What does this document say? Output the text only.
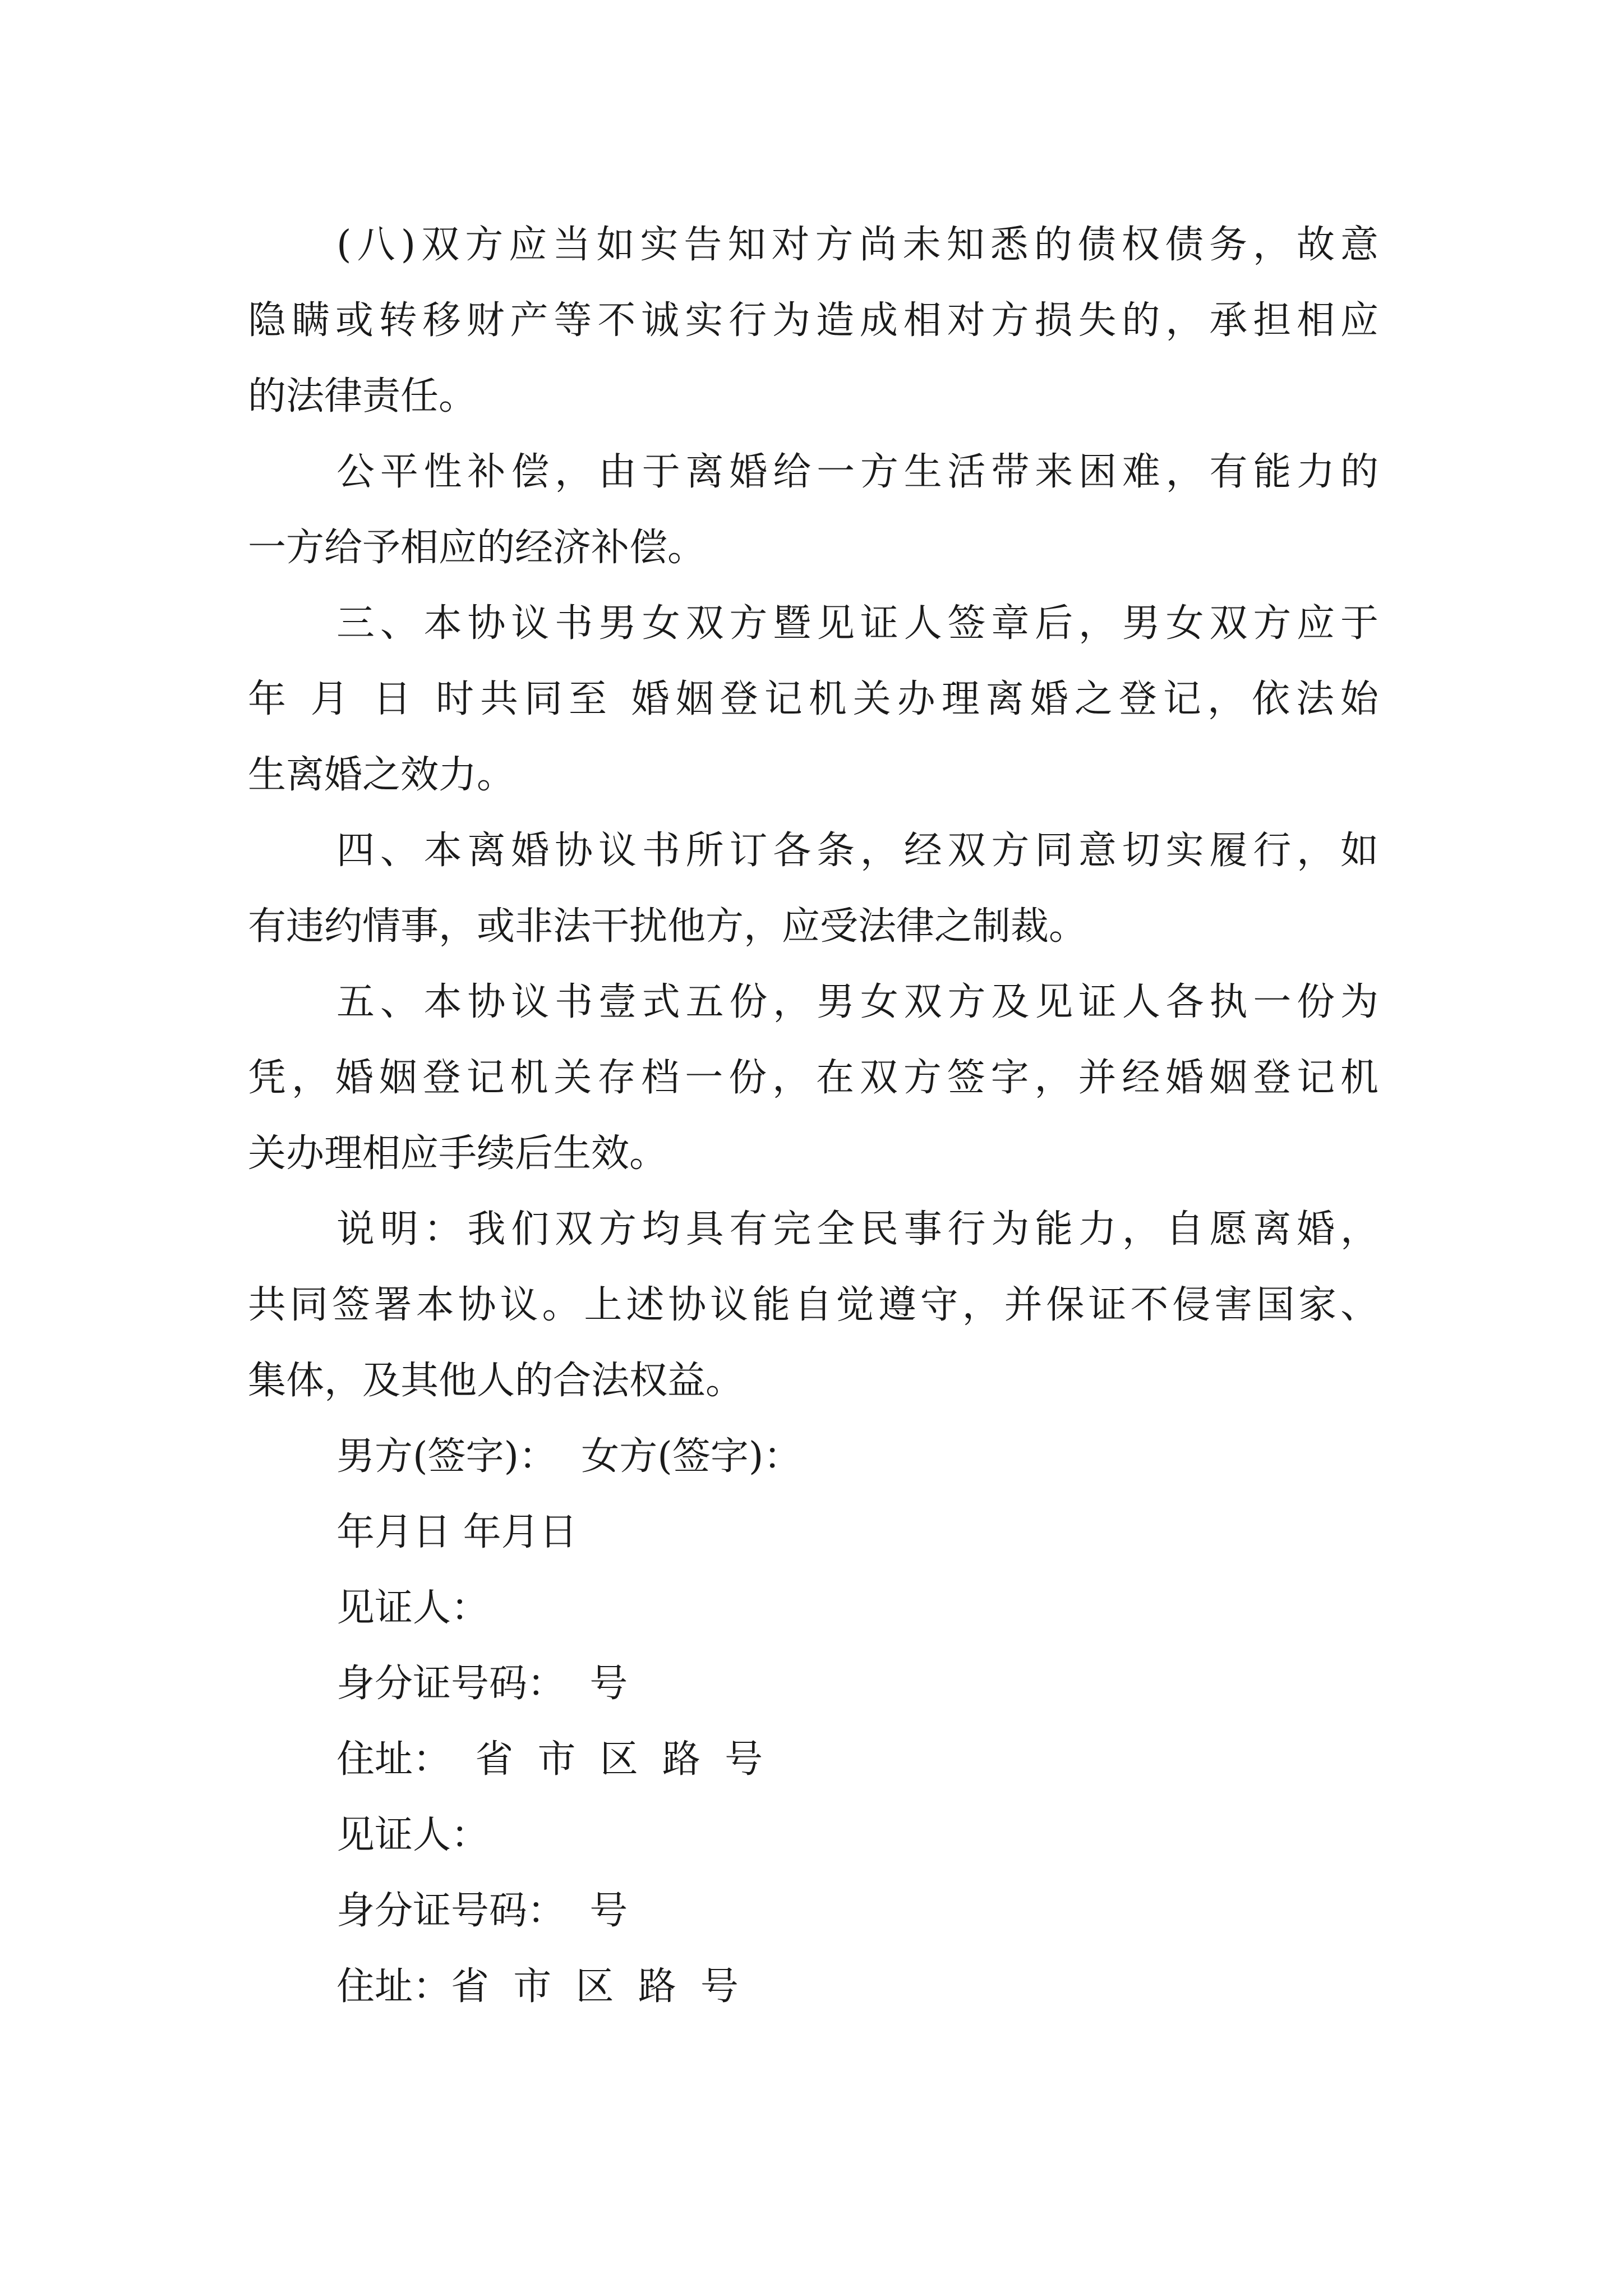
(八)双方应当如实告知对方尚未知悉的债权债务，故意
隐瞒或转移财产等不诚实行为造成相对方损失的，承担相应
的法律责任。
公平性补偿，由于离婚给一方生活带来困难，有能力的
一方给予相应的经济补偿。
三、本协议书男女双方暨见证人签章后，男女双方应于
年 月 日 时共同至 婚姻登记机关办理离婚之登记，依法始
生离婚之效力。
四、本离婚协议书所订各条，经双方同意切实履行，如
有违约情事，或非法干扰他方，应受法律之制裁。
五、本协议书壹式五份，男女双方及见证人各执一份为
凭，婚姻登记机关存档一份，在双方签字，并经婚姻登记机
关办理相应手续后生效。
说明：我们双方均具有完全民事行为能力，自愿离婚，
共同签署本协议。上述协议能自觉遵守，并保证不侵害国家、
集体，及其他人的合法权益。
男方(签字)：  女方(签字)：
年月日 年月日
见证人：
身分证号码：  号
住址：  省  市  区  路  号
见证人：
身分证号码：  号
住址：省  市  区  路  号
